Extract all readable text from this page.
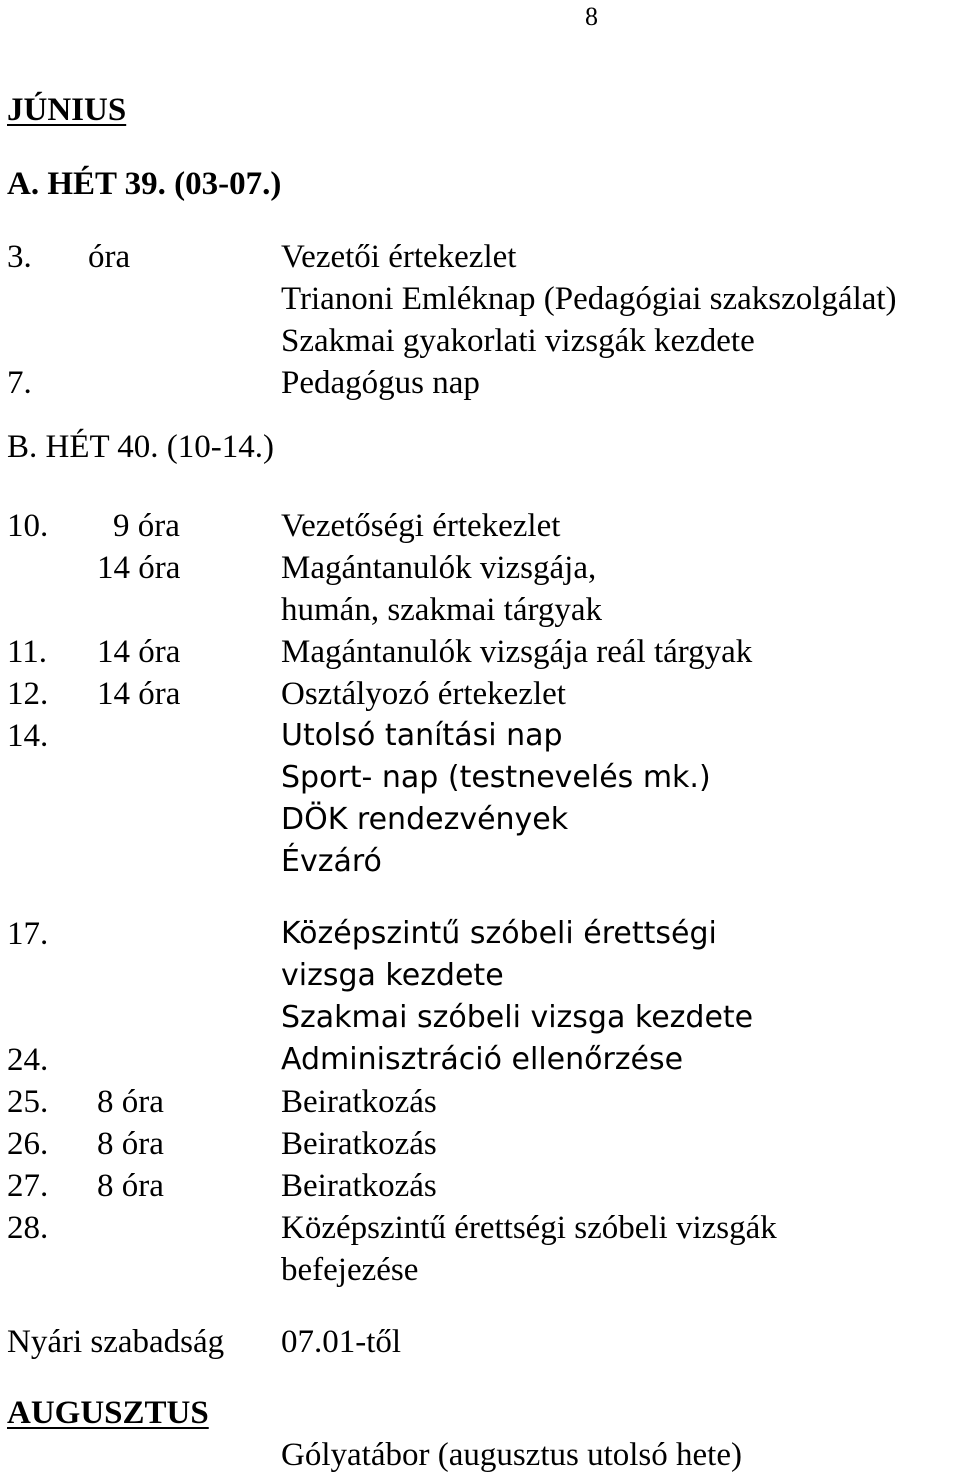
8
JÚNIUS
A. HÉT 39. (03-07.)
3. óra	Vezetői értekezlet
Trianoni Emléknap (Pedagógiai szakszolgálat)
Szakmai gyakorlati vizsgák kezdete
7.	Pedagógus nap
B. HÉT 40. (10-14.)
10. 9 óra	Vezetőségi értekezlet
14 óra	Magántanulók vizsgája,
humán, szakmai tárgyak
11. 14 óra	Magántanulók vizsgája reál tárgyak
12. 14 óra	Osztályozó értekezlet
14.	Utolsó tanítási nap
Sport- nap (testnevelés mk.)
DÖK rendezvények
Évzáró
17.	Középszintű szóbeli érettségi
vizsga kezdete
Szakmai szóbeli vizsga kezdete
24.	Adminisztráció ellenőrzése
25. 8 óra	Beiratkozás
26. 8 óra	Beiratkozás
27. 8 óra	Beiratkozás
28.	Középszintű érettségi szóbeli vizsgák
befejezése
Nyári szabadság 07.01-től
AUGUSZTUS
Gólyatábor (augusztus utolsó hete)
